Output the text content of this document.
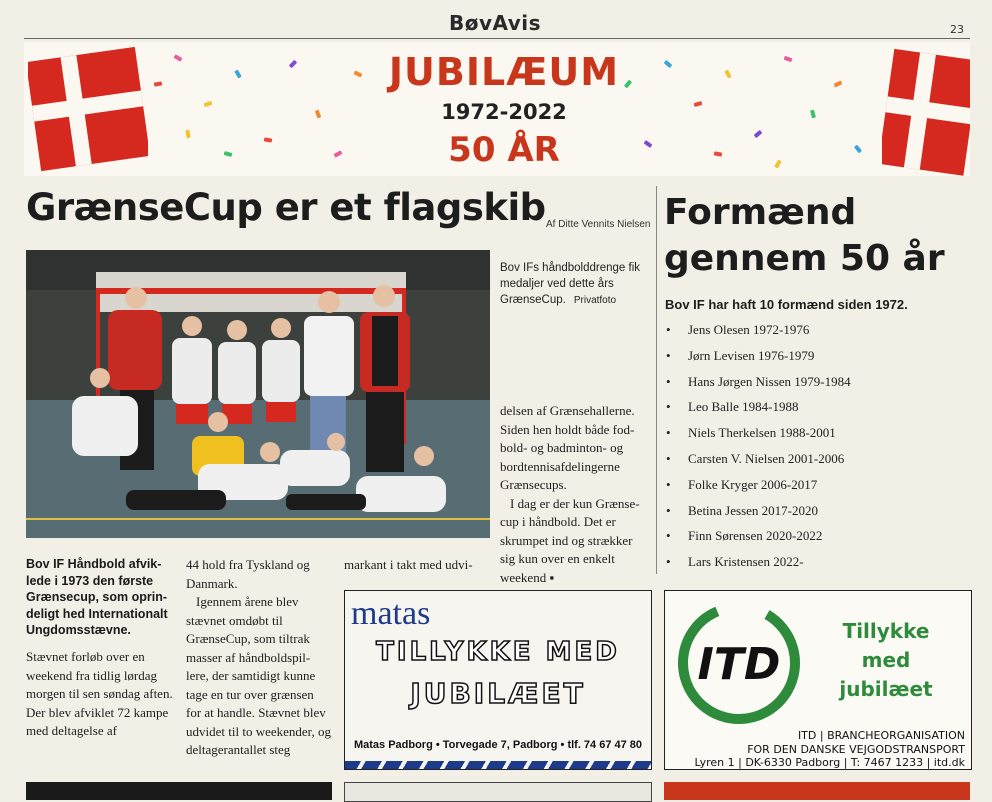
BøvAvis	23
JUBILÆUM
1972-2022
50 ÅR
GrænseCup er et flagskib Af Ditte Vennits Nielsen
Bov IFs håndbolddrenge fik medaljer ved dette års GrænseCup. Privatfoto

delsen af Grænsehallerne. Siden hen holdt både fod-bold- og badminton- og bordtennisafdelingerne Grænsecups.

I dag er der kun Grænse-cup i håndbold. Det er skrumpet ind og strækker sig kun over en enkelt weekend ▪

Bov IF Håndbold afvik-lede i 1973 den første Grænsecup, som oprin-deligt hed Internationalt Ungdomsstævne.

Stævnet forløb over en weekend fra tidlig lørdag morgen til sen søndag aften. Der blev afviklet 72 kampe med deltagelse af

44 hold fra Tyskland og Danmark.

Igennem årene blev stævnet omdøbt til GrænseCup, som tiltrak masser af håndboldspil-lere, der samtidigt kunne tage en tur over grænsen for at handle. Stævnet blev udvidet til to weekender, og deltagerantallet steg

markant i takt med udvi-

Formænd gennem 50 år
Bov IF har haft 10 formænd siden 1972.
• Jens Olesen 1972-1976
• Jørn Levisen 1976-1979
• Hans Jørgen Nissen 1979-1984
• Leo Balle 1984-1988
• Niels Therkelsen 1988-2001
• Carsten V. Nielsen 2001-2006
• Folke Kryger 2006-2017
• Betina Jessen 2017-2020
• Finn Sørensen 2020-2022
• Lars Kristensen 2022-
matas
TILLYKKE MED
JUBILÆET
Matas Padborg • Torvegade 7, Padborg • tlf. 74 67 47 80
ITD
Tillykke
med
jubilæet
ITD | BRANCHEORGANISATION
FOR DEN DANSKE VEJGODSTRANSPORT
Lyren 1 | DK-6330 Padborg | T: 7467 1233 | itd.dk
